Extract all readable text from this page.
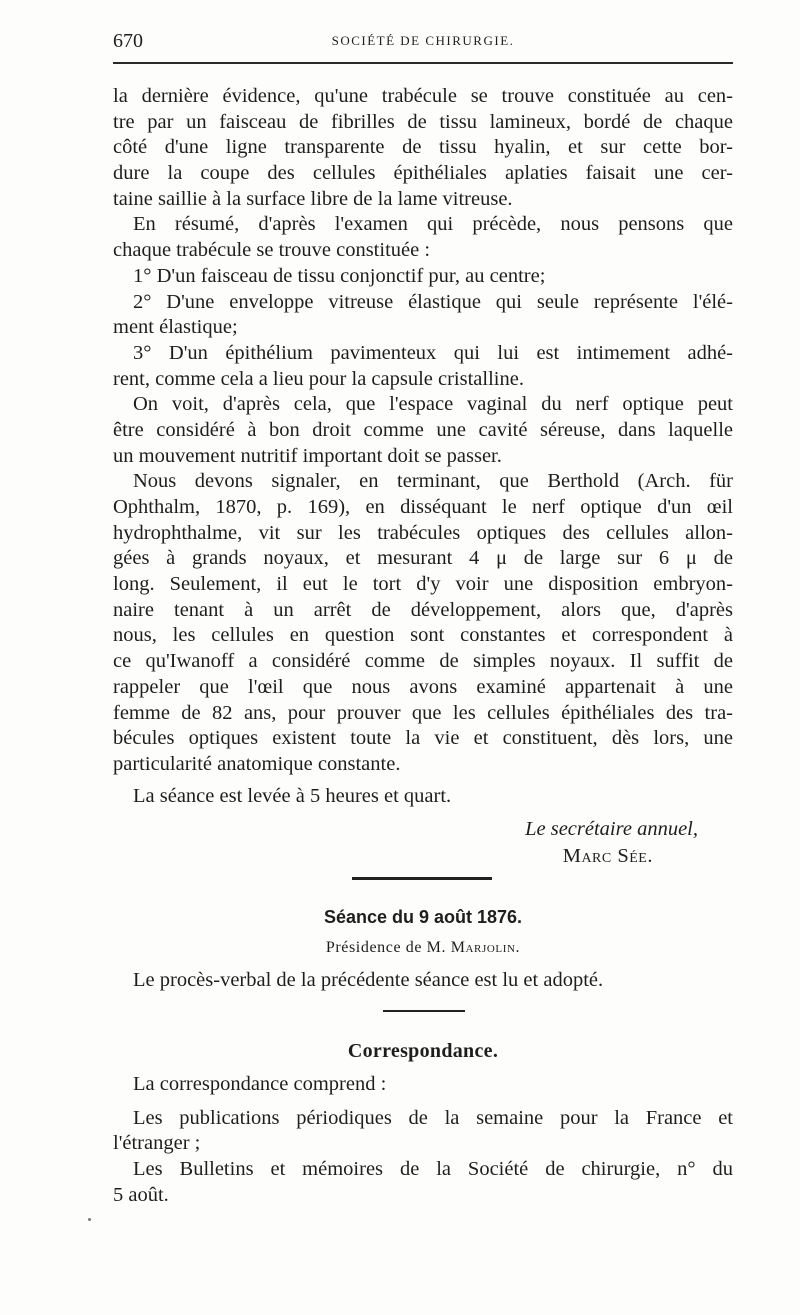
670	SOCIÉTÉ DE CHIRURGIE.
la dernière évidence, qu'une trabécule se trouve constituée au cen-
tre par un faisceau de fibrilles de tissu lamineux, bordé de chaque
côté d'une ligne transparente de tissu hyalin, et sur cette bor-
dure la coupe des cellules épithéliales aplaties faisait une cer-
taine saillie à la surface libre de la lame vitreuse.
En résumé, d'après l'examen qui précède, nous pensons que
chaque trabécule se trouve constituée :
1° D'un faisceau de tissu conjonctif pur, au centre;
2° D'une enveloppe vitreuse élastique qui seule représente l'élé-
ment élastique;
3° D'un épithélium pavimenteux qui lui est intimement adhé-
rent, comme cela a lieu pour la capsule cristalline.
On voit, d'après cela, que l'espace vaginal du nerf optique peut
être considéré à bon droit comme une cavité séreuse, dans laquelle
un mouvement nutritif important doit se passer.
Nous devons signaler, en terminant, que Berthold (Arch. für
Ophthalm, 1870, p. 169), en disséquant le nerf optique d'un œil
hydrophthalme, vit sur les trabécules optiques des cellules allon-
gées à grands noyaux, et mesurant 4 μ de large sur 6 μ de
long. Seulement, il eut le tort d'y voir une disposition embryon-
naire tenant à un arrêt de développement, alors que, d'après
nous, les cellules en question sont constantes et correspondent à
ce qu'Iwanoff a considéré comme de simples noyaux. Il suffit de
rappeler que l'œil que nous avons examiné appartenait à une
femme de 82 ans, pour prouver que les cellules épithéliales des tra-
bécules optiques existent toute la vie et constituent, dès lors, une
particularité anatomique constante.
La séance est levée à 5 heures et quart.
Le secrétaire annuel,
Marc Sée.
Séance du 9 août 1876.
Présidence de M. Marjolin.
Le procès-verbal de la précédente séance est lu et adopté.
Correspondance.
La correspondance comprend :
Les publications périodiques de la semaine pour la France et
l'étranger ;
Les Bulletins et mémoires de la Société de chirurgie, n° du
5 août.
